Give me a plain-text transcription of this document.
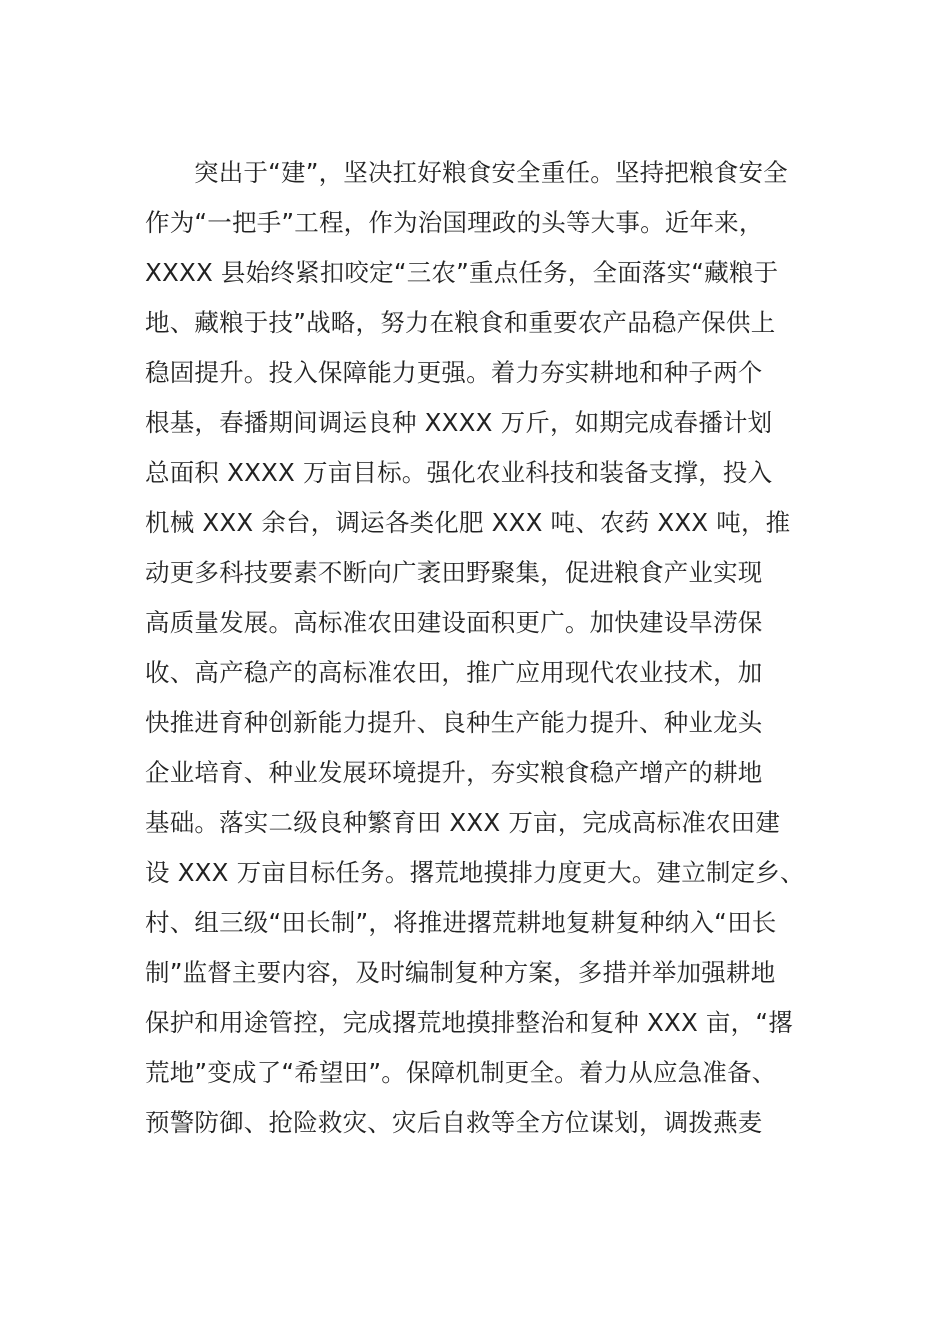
突出于“建”，坚决扛好粮食安全重任。坚持把粮食安全
作为“一把手”工程，作为治国理政的头等大事。近年来，
XXXX 县始终紧扣咬定“三农”重点任务，全面落实“藏粮于
地、藏粮于技”战略，努力在粮食和重要农产品稳产保供上
稳固提升。投入保障能力更强。着力夯实耕地和种子两个
根基，春播期间调运良种 XXXX 万斤，如期完成春播计划
总面积 XXXX 万亩目标。强化农业科技和装备支撑，投入
机械 XXX 余台，调运各类化肥 XXX 吨、农药 XXX 吨，推
动更多科技要素不断向广袤田野聚集，促进粮食产业实现
高质量发展。高标准农田建设面积更广。加快建设旱涝保
收、高产稳产的高标准农田，推广应用现代农业技术，加
快推进育种创新能力提升、良种生产能力提升、种业龙头
企业培育、种业发展环境提升，夯实粮食稳产增产的耕地
基础。落实二级良种繁育田 XXX 万亩，完成高标准农田建
设 XXX 万亩目标任务。撂荒地摸排力度更大。建立制定乡、
村、组三级“田长制”，将推进撂荒耕地复耕复种纳入“田长
制”监督主要内容，及时编制复种方案，多措并举加强耕地
保护和用途管控，完成撂荒地摸排整治和复种 XXX 亩，“撂
荒地”变成了“希望田”。保障机制更全。着力从应急准备、
预警防御、抢险救灾、灾后自救等全方位谋划，调拨燕麦
